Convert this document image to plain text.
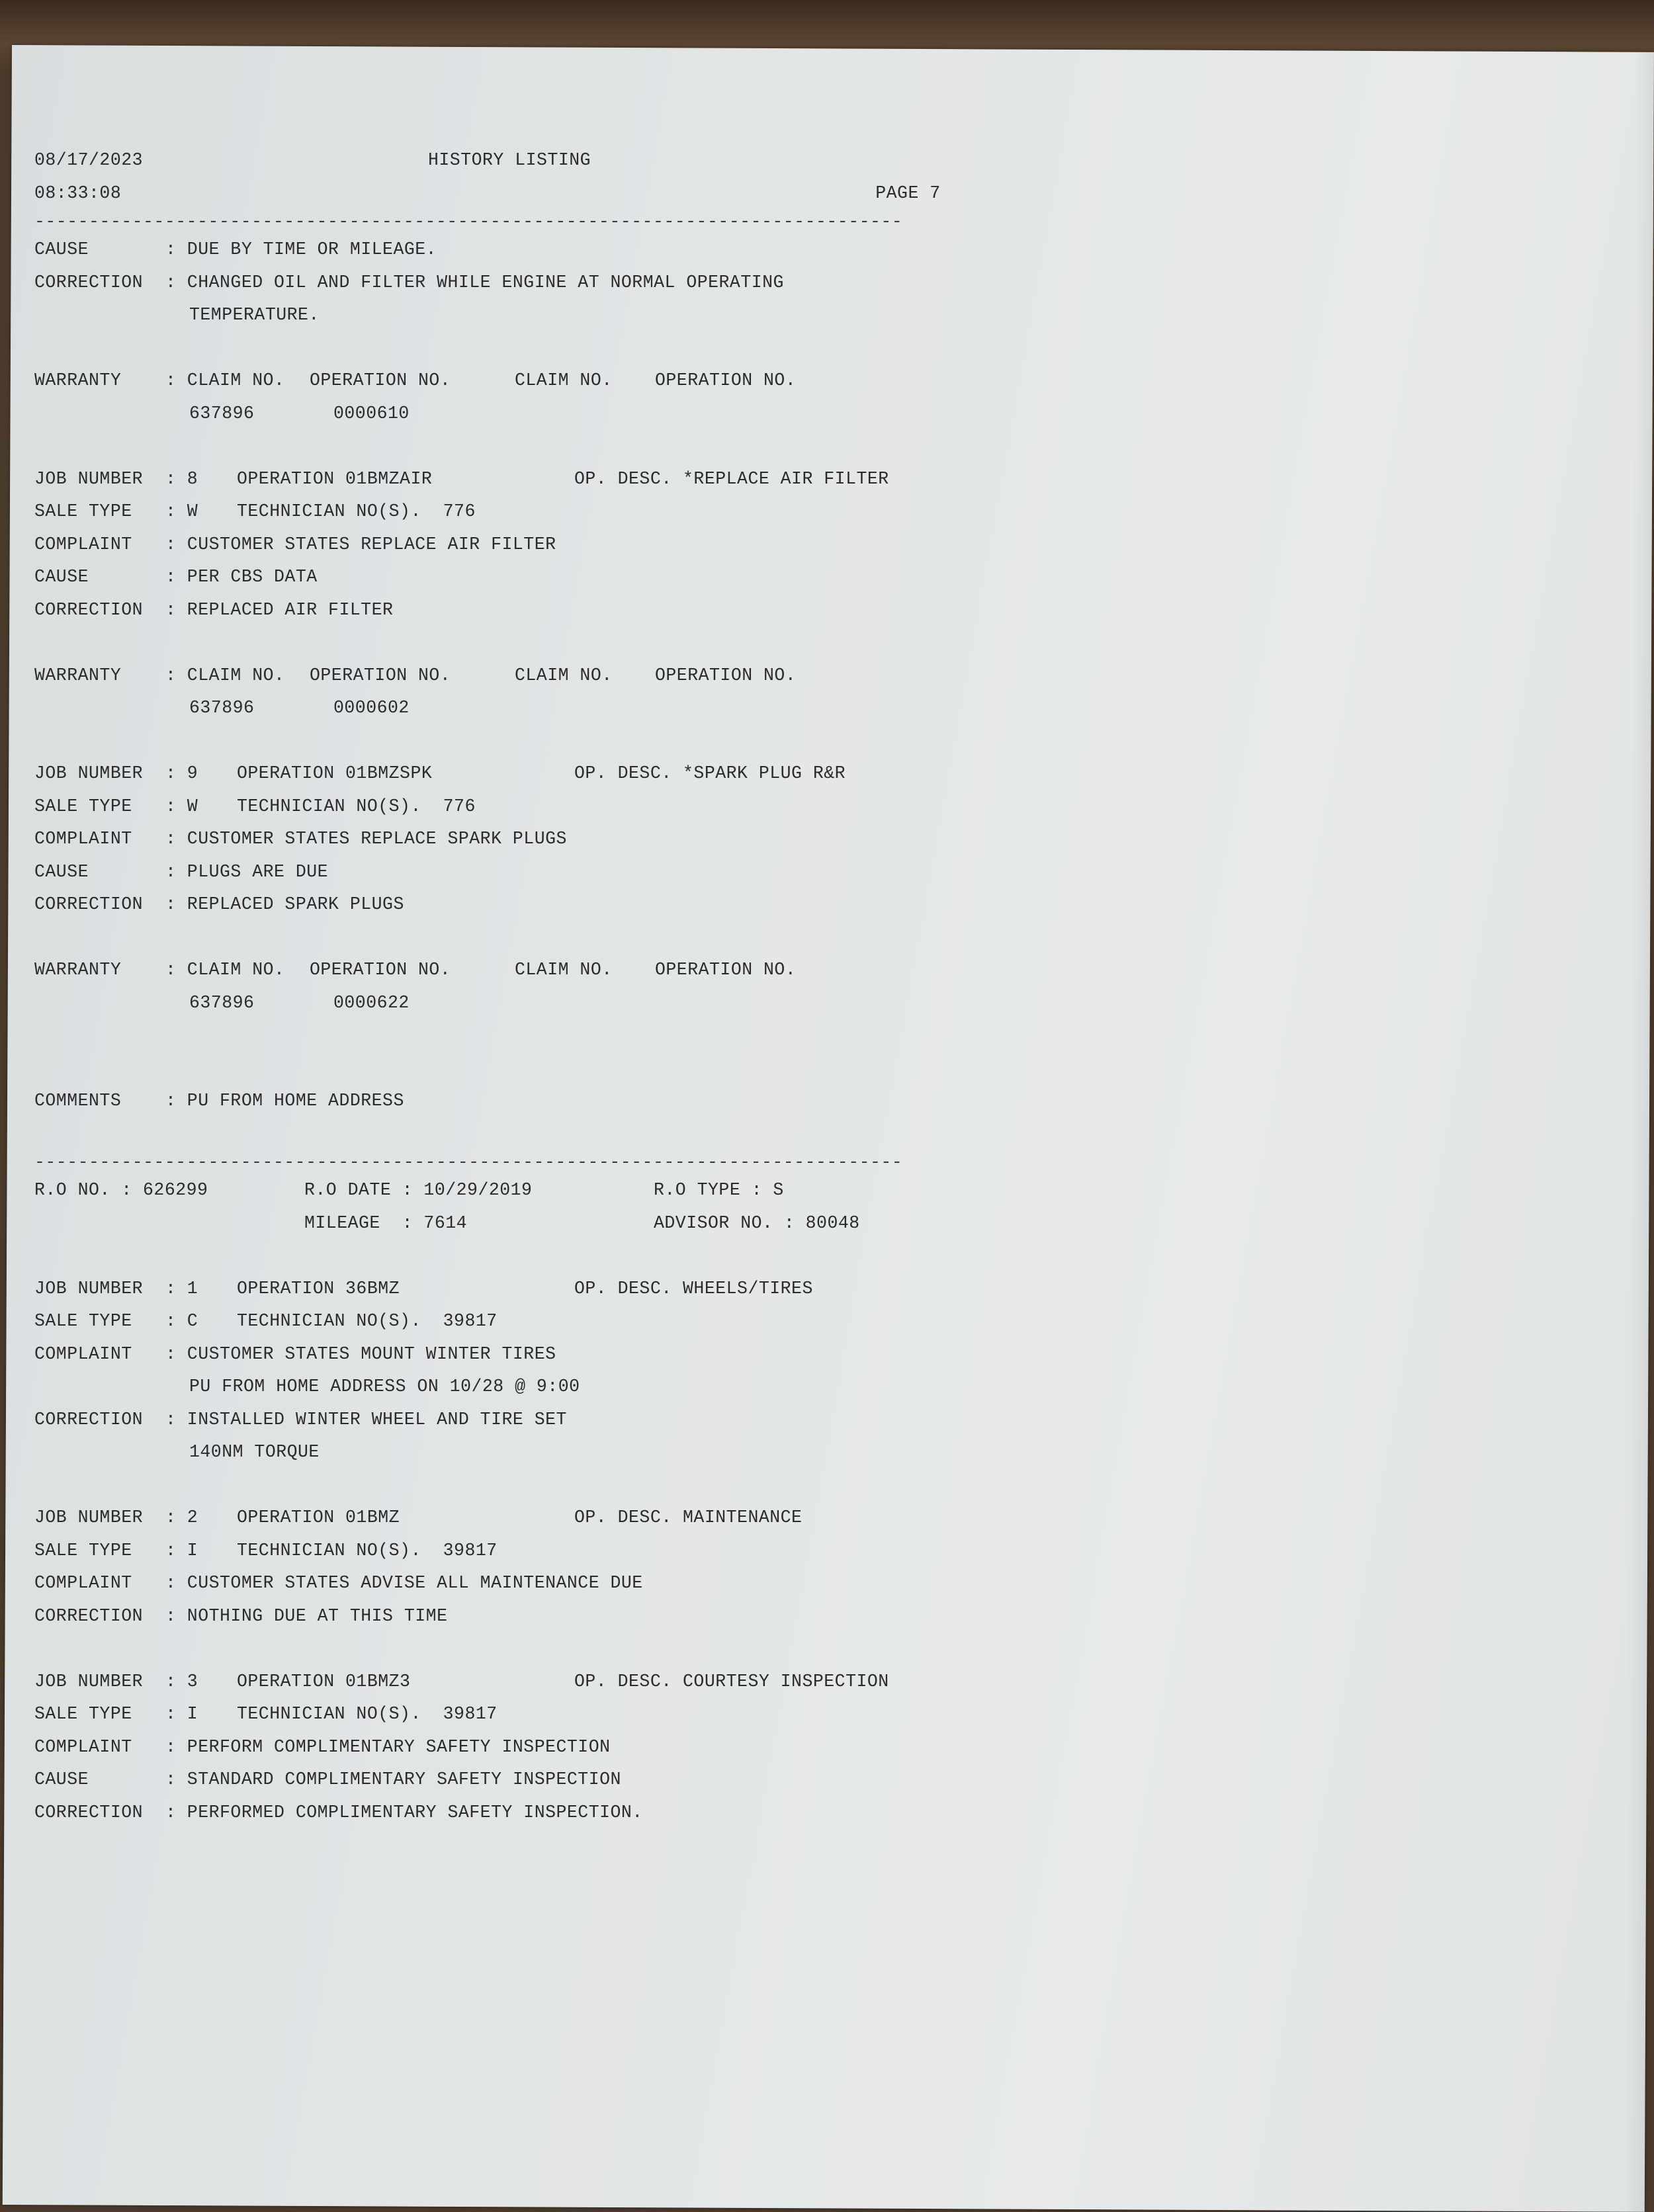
08/17/2023	HISTORY LISTING
08:33:08	PAGE 7
--------------------------------------------------------------------------------
CAUSE	: DUE BY TIME OR MILEAGE.
CORRECTION : CHANGED OIL AND FILTER WHILE ENGINE AT NORMAL OPERATING
TEMPERATURE.
WARRANTY	: CLAIM NO. OPERATION NO.	CLAIM NO. OPERATION NO.
637896	0000610
JOB NUMBER : 8 OPERATION 01BMZAIR	OP. DESC. *REPLACE AIR FILTER
SALE TYPE : W TECHNICIAN NO(S).  776
COMPLAINT : CUSTOMER STATES REPLACE AIR FILTER
CAUSE	: PER CBS DATA
CORRECTION : REPLACED AIR FILTER
WARRANTY	: CLAIM NO. OPERATION NO.	CLAIM NO. OPERATION NO.
637896	0000602
JOB NUMBER : 9 OPERATION 01BMZSPK	OP. DESC. *SPARK PLUG R&R
SALE TYPE : W TECHNICIAN NO(S).  776
COMPLAINT : CUSTOMER STATES REPLACE SPARK PLUGS
CAUSE	: PLUGS ARE DUE
CORRECTION : REPLACED SPARK PLUGS
WARRANTY	: CLAIM NO. OPERATION NO.	CLAIM NO. OPERATION NO.
637896	0000622
COMMENTS	: PU FROM HOME ADDRESS
--------------------------------------------------------------------------------
R.O NO. : 626299	R.O DATE : 10/29/2019	R.O TYPE : S
MILEAGE  : 7614	ADVISOR NO. : 80048
JOB NUMBER : 1 OPERATION 36BMZ	OP. DESC. WHEELS/TIRES
SALE TYPE : C TECHNICIAN NO(S).  39817
COMPLAINT : CUSTOMER STATES MOUNT WINTER TIRES
PU FROM HOME ADDRESS ON 10/28 @ 9:00
CORRECTION : INSTALLED WINTER WHEEL AND TIRE SET
140NM TORQUE
JOB NUMBER : 2 OPERATION 01BMZ	OP. DESC. MAINTENANCE
SALE TYPE : I TECHNICIAN NO(S).  39817
COMPLAINT : CUSTOMER STATES ADVISE ALL MAINTENANCE DUE
CORRECTION : NOTHING DUE AT THIS TIME
JOB NUMBER : 3 OPERATION 01BMZ3	OP. DESC. COURTESY INSPECTION
SALE TYPE : I TECHNICIAN NO(S).  39817
COMPLAINT : PERFORM COMPLIMENTARY SAFETY INSPECTION
CAUSE	: STANDARD COMPLIMENTARY SAFETY INSPECTION
CORRECTION : PERFORMED COMPLIMENTARY SAFETY INSPECTION.
